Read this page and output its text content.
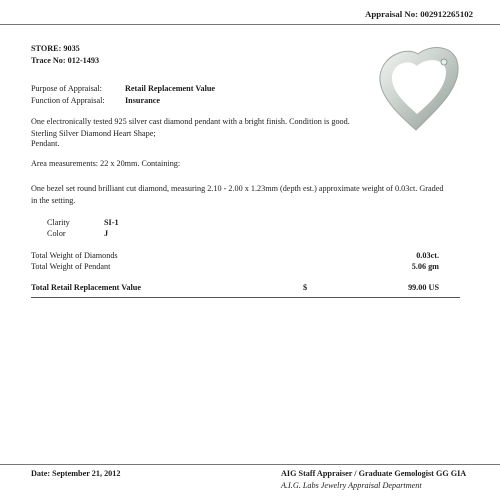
Appraisal No: 002912265102
STORE: 9035
Trace No: 012-1493
Purpose of Appraisal:	Retail Replacement Value
Function of Appraisal: Insurance
One electronically tested 925 silver cast diamond pendant with a bright finish. Condition is good. Sterling Silver Diamond Heart Shape;
Pendant.
Area measurements: 22 x 20mm. Containing:
One bezel set round brilliant cut diamond, measuring 2.10 - 2.00 x 1.23mm (depth est.) approximate weight of 0.03ct. Graded in the setting.
Clarity	SI-1
Color	J
Total Weight of Diamonds	0.03ct.
Total Weight of Pendant	5.06 gm
Total Retail Replacement Value	$	99.00 US
Date: September 21, 2012	AIG Staff Appraiser / Graduate Gemologist GG GIA
A.I.G. Labs Jewelry Appraisal Department
